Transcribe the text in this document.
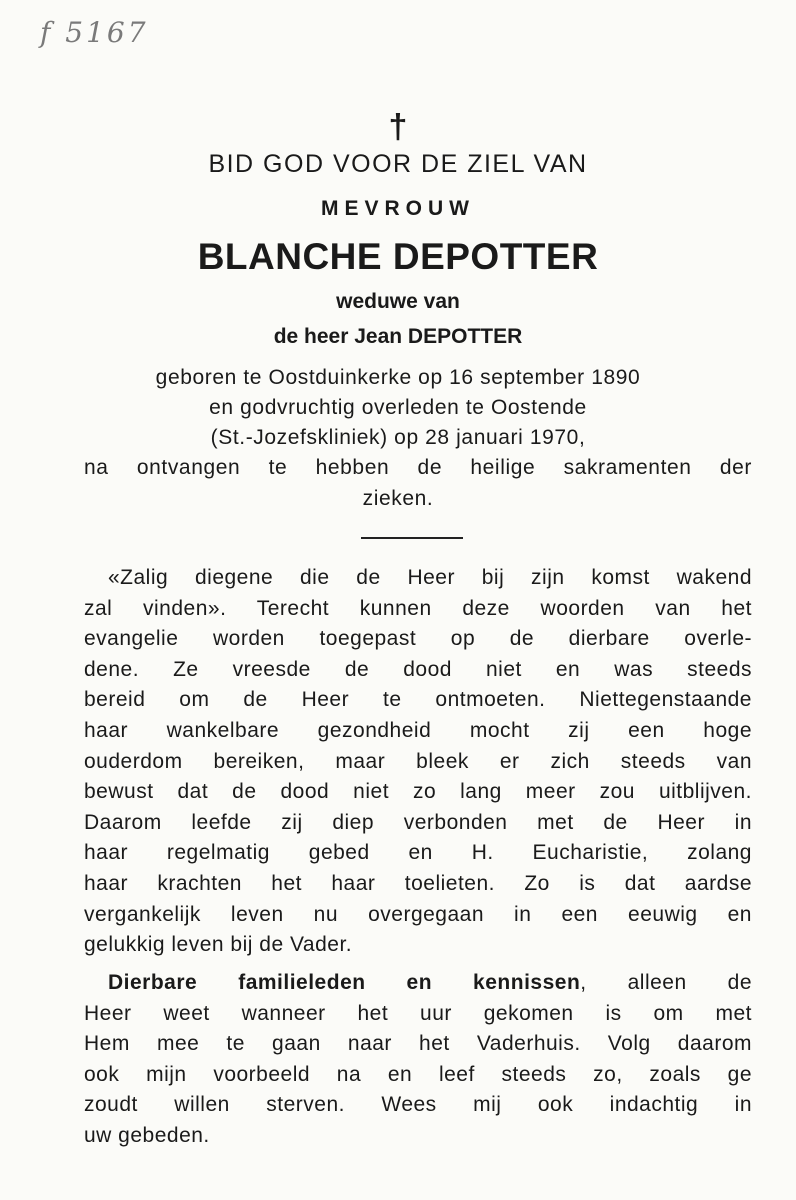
f 5167
†
BID GOD VOOR DE ZIEL VAN
MEVROUW
BLANCHE DEPOTTER
weduwe van
de heer Jean DEPOTTER
geboren te Oostduinkerke op 16 september 1890
en godvruchtig overleden te Oostende
(St.-Jozefskliniek) op 28 januari 1970,
na ontvangen te hebben de heilige sakramenten der
zieken.
«Zalig diegene die de Heer bij zijn komst wakend
zal vinden». Terecht kunnen deze woorden van het
evangelie worden toegepast op de dierbare overle-
dene. Ze vreesde de dood niet en was steeds
bereid om de Heer te ontmoeten. Niettegenstaande
haar wankelbare gezondheid mocht zij een hoge
ouderdom bereiken, maar bleek er zich steeds van
bewust dat de dood niet zo lang meer zou uitblijven.
Daarom leefde zij diep verbonden met de Heer in
haar regelmatig gebed en H. Eucharistie, zolang
haar krachten het haar toelieten. Zo is dat aardse
vergankelijk leven nu overgegaan in een eeuwig en
gelukkig leven bij de Vader.
Dierbare familieleden en kennissen, alleen de
Heer weet wanneer het uur gekomen is om met
Hem mee te gaan naar het Vaderhuis. Volg daarom
ook mijn voorbeeld na en leef steeds zo, zoals ge
zoudt willen sterven. Wees mij ook indachtig in
uw gebeden.
